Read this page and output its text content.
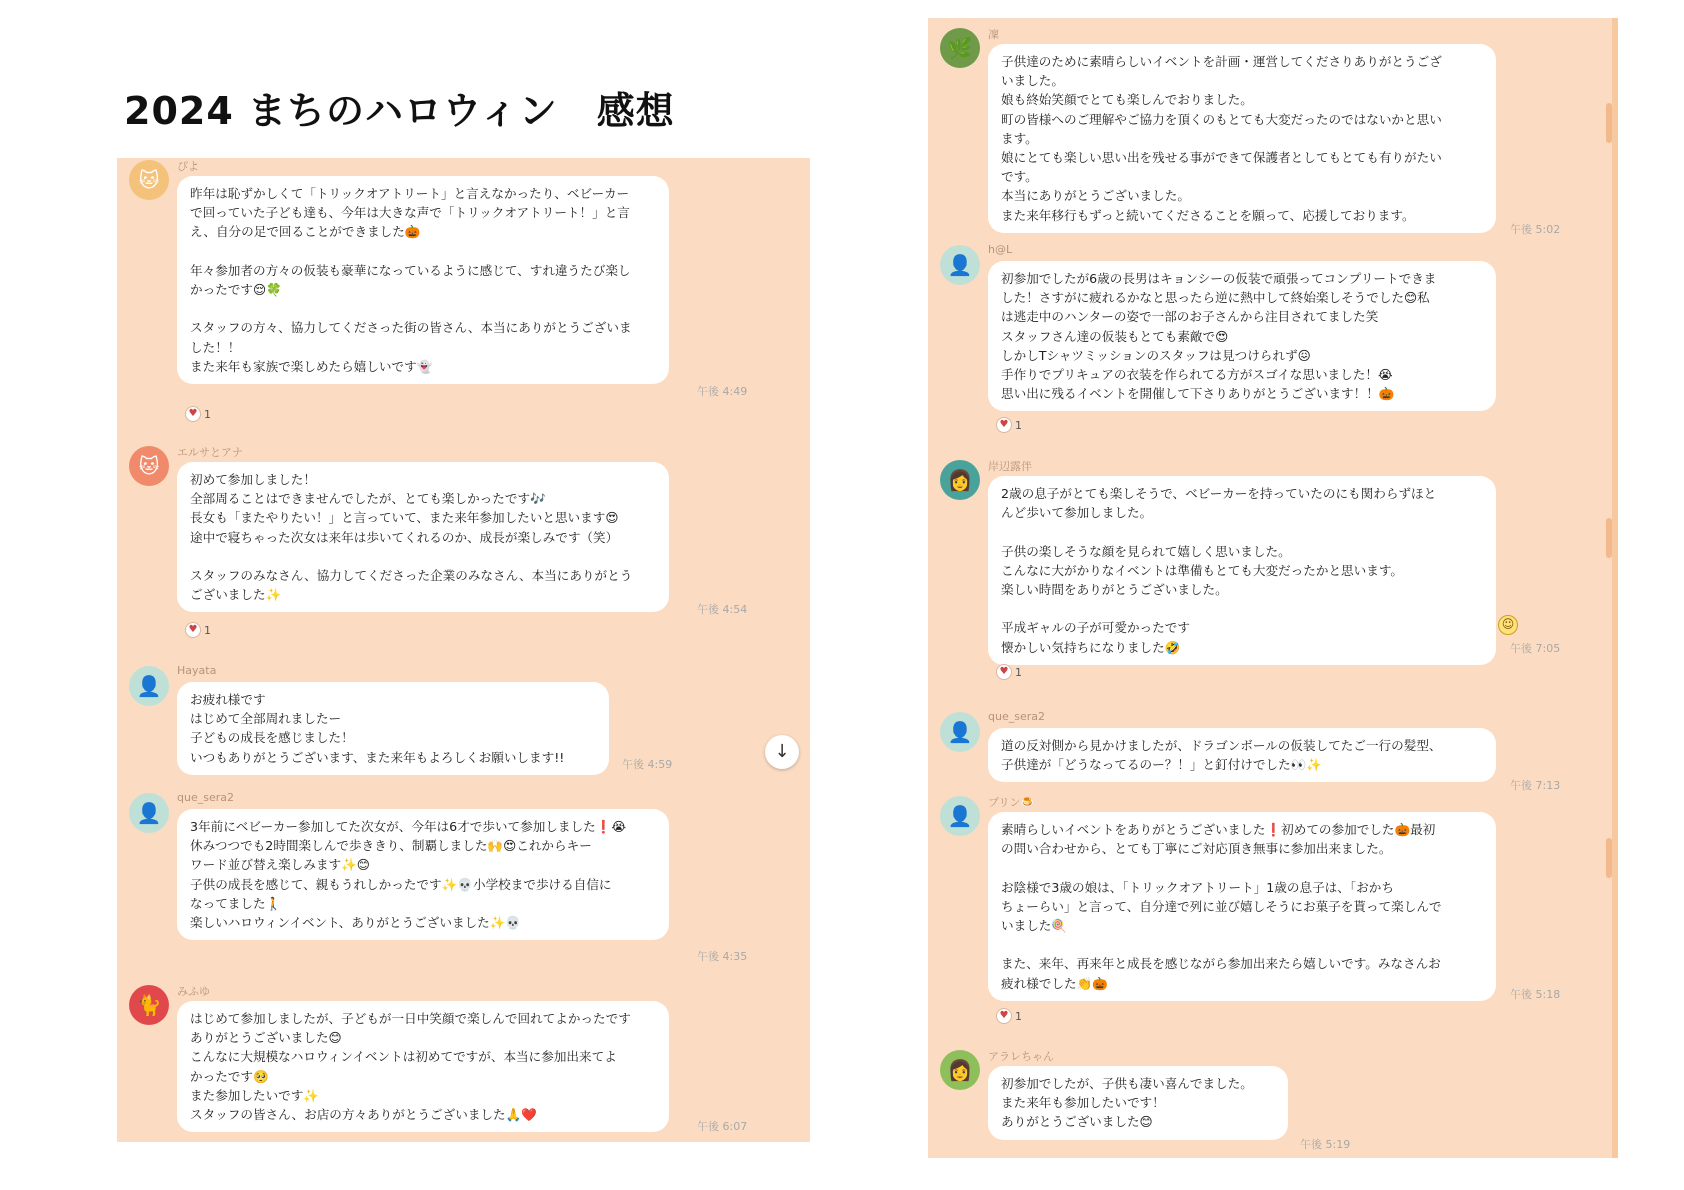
2024 まちのハロウィン　感想
🐱
ぴよ
昨年は恥ずかしくて「トリックオアトリート」と言えなかったり、ベビーカー
で回っていた子ども達も、今年は大きな声で「トリックオアトリート！」と言
え、自分の足で回ることができました🎃

年々参加者の方々の仮装も豪華になっているように感じて、すれ違うたび楽し
かったです😌🍀

スタッフの方々、協力してくださった街の皆さん、本当にありがとうございま
した！！
また来年も家族で楽しめたら嬉しいです👻
午後 4:49
♥ 1
🐱
エルサとアナ
初めて参加しました！
全部周ることはできませんでしたが、とても楽しかったです🎶
長女も「またやりたい！」と言っていて、また来年参加したいと思います😍
途中で寝ちゃった次女は来年は歩いてくれるのか、成長が楽しみです（笑）

スタッフのみなさん、協力してくださった企業のみなさん、本当にありがとう
ございました✨
午後 4:54
♥ 1
👤
Hayata
お疲れ様です
はじめて全部周れましたー
子どもの成長を感じました！
いつもありがとうございます、また来年もよろしくお願いします!!	午後 4:59
↓
👤
que_sera2
3年前にベビーカー参加してた次女が、今年は6才で歩いて参加しました❗😭
休みつつでも2時間楽しんで歩ききり、制覇しました🙌😍これからキー
ワード並び替え楽しみます✨😊
子供の成長を感じて、親もうれしかったです✨💀小学校まで歩ける自信に
なってました🚶
楽しいハロウィンイベント、ありがとうございました✨💀
午後 4:35
🐈
みふゆ
はじめて参加しましたが、子どもが一日中笑顔で楽しんで回れてよかったです
ありがとうございました😊
こんなに大規模なハロウィンイベントは初めてですが、本当に参加出来てよ
かったです🥺
また参加したいです✨
スタッフの皆さん、お店の方々ありがとうございました🙏❤️
午後 6:07
🌿
凜
子供達のために素晴らしいイベントを計画・運営してくださりありがとうござ
いました。
娘も終始笑顔でとても楽しんでおりました。
町の皆様へのご理解やご協力を頂くのもとても大変だったのではないかと思い
ます。
娘にとても楽しい思い出を残せる事ができて保護者としてもとても有りがたい
です。
本当にありがとうございました。
また来年移行もずっと続いてくださることを願って、応援しております。
午後 5:02
👤
h@L
初参加でしたが6歳の長男はキョンシーの仮装で頑張ってコンプリートできま
した！さすがに疲れるかなと思ったら逆に熱中して終始楽しそうでした😊私
は逃走中のハンターの姿で一部のお子さんから注目されてました笑
スタッフさん達の仮装もとても素敵で😍
しかしTシャツミッションのスタッフは見つけられず😖
手作りでプリキュアの衣装を作られてる方がスゴイな思いました！😭
思い出に残るイベントを開催して下さりありがとうございます！！🎃
☺
♥ 1
👩
岸辺露伴
2歳の息子がとても楽しそうで、ベビーカーを持っていたのにも関わらずほと
んど歩いて参加しました。

子供の楽しそうな顔を見られて嬉しく思いました。
こんなに大がかりなイベントは準備もとても大変だったかと思います。
楽しい時間をありがとうございました。

平成ギャルの子が可愛かったです
懐かしい気持ちになりました🤣	午後 7:05
♥ 1
👤
que_sera2
道の反対側から見かけましたが、ドラゴンボールの仮装してたご一行の髪型、
子供達が「どうなってるのー？！」と釘付けでした👀✨
午後 7:13
👤
プリン🍮
素晴らしいイベントをありがとうございました❗初めての参加でした🎃最初
の問い合わせから、とても丁寧にご対応頂き無事に参加出来ました。

お陰様で3歳の娘は、「トリックオアトリート」1歳の息子は、「おかち
ちょーらい」と言って、自分達で列に並び嬉しそうにお菓子を貰って楽しんで
いました🍭

また、来年、再来年と成長を感じながら参加出来たら嬉しいです。みなさんお
疲れ様でした👏🎃
午後 5:18
♥ 1
👩
アラレちゃん
初参加でしたが、子供も凄い喜んでました。
また来年も参加したいです！
ありがとうございました😊
午後 5:19
